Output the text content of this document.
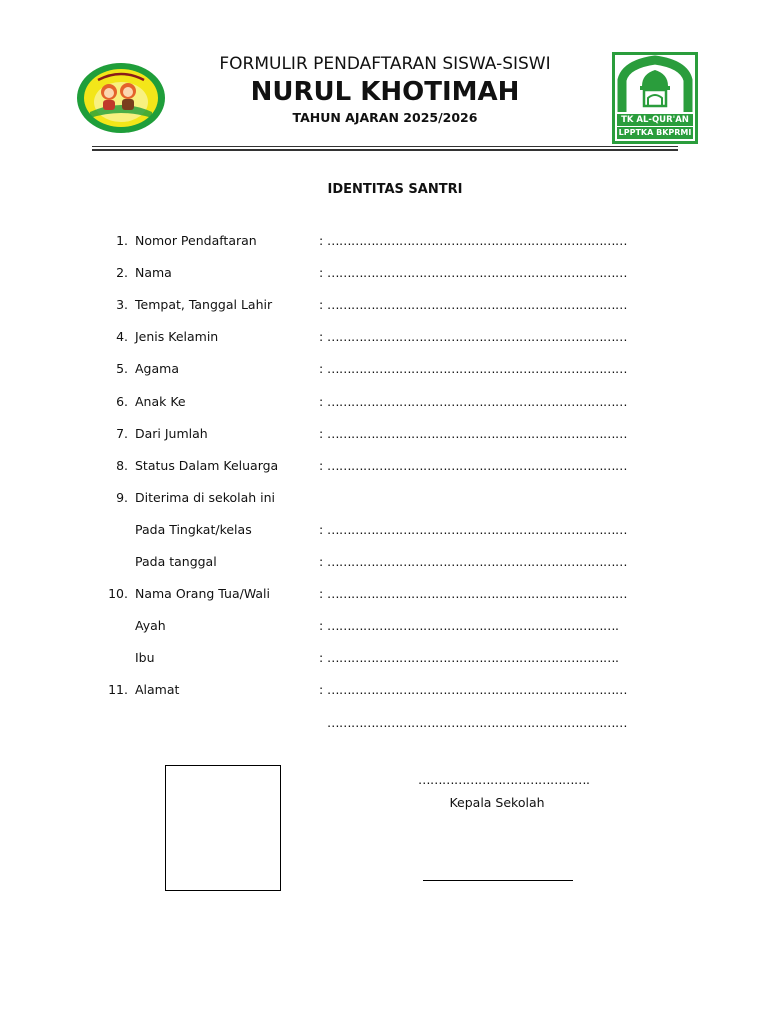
FORMULIR PENDAFTARAN SISWA-SISWI
NURUL KHOTIMAH
TAHUN AJARAN 2025/2026	TK AL-QUR'AN
LPPTKA BKPRMI
IDENTITAS SANTRI
1. Nomor Pendaftaran	: …………………………………………………………………
2. Nama	: …………………………………………………………………
3. Tempat, Tanggal Lahir	: …………………………………………………………………
4. Jenis Kelamin	: …………………………………………………………………
5. Agama	: …………………………………………………………………
6. Anak Ke	: …………………………………………………………………
7. Dari Jumlah	: …………………………………………………………………
8. Status Dalam Keluarga	: …………………………………………………………………
9. Diterima di sekolah ini
Pada Tingkat/kelas	: …………………………………………………………………
Pada tanggal	: …………………………………………………………………
10. Nama Orang Tua/Wali	: …………………………………………………………………
Ayah	: ……………………………………………………………….
Ibu	: ……………………………………………………………….
11. Alamat	: …………………………………………………………………
…………………………………………………………………
…………………………………….
Kepala Sekolah
